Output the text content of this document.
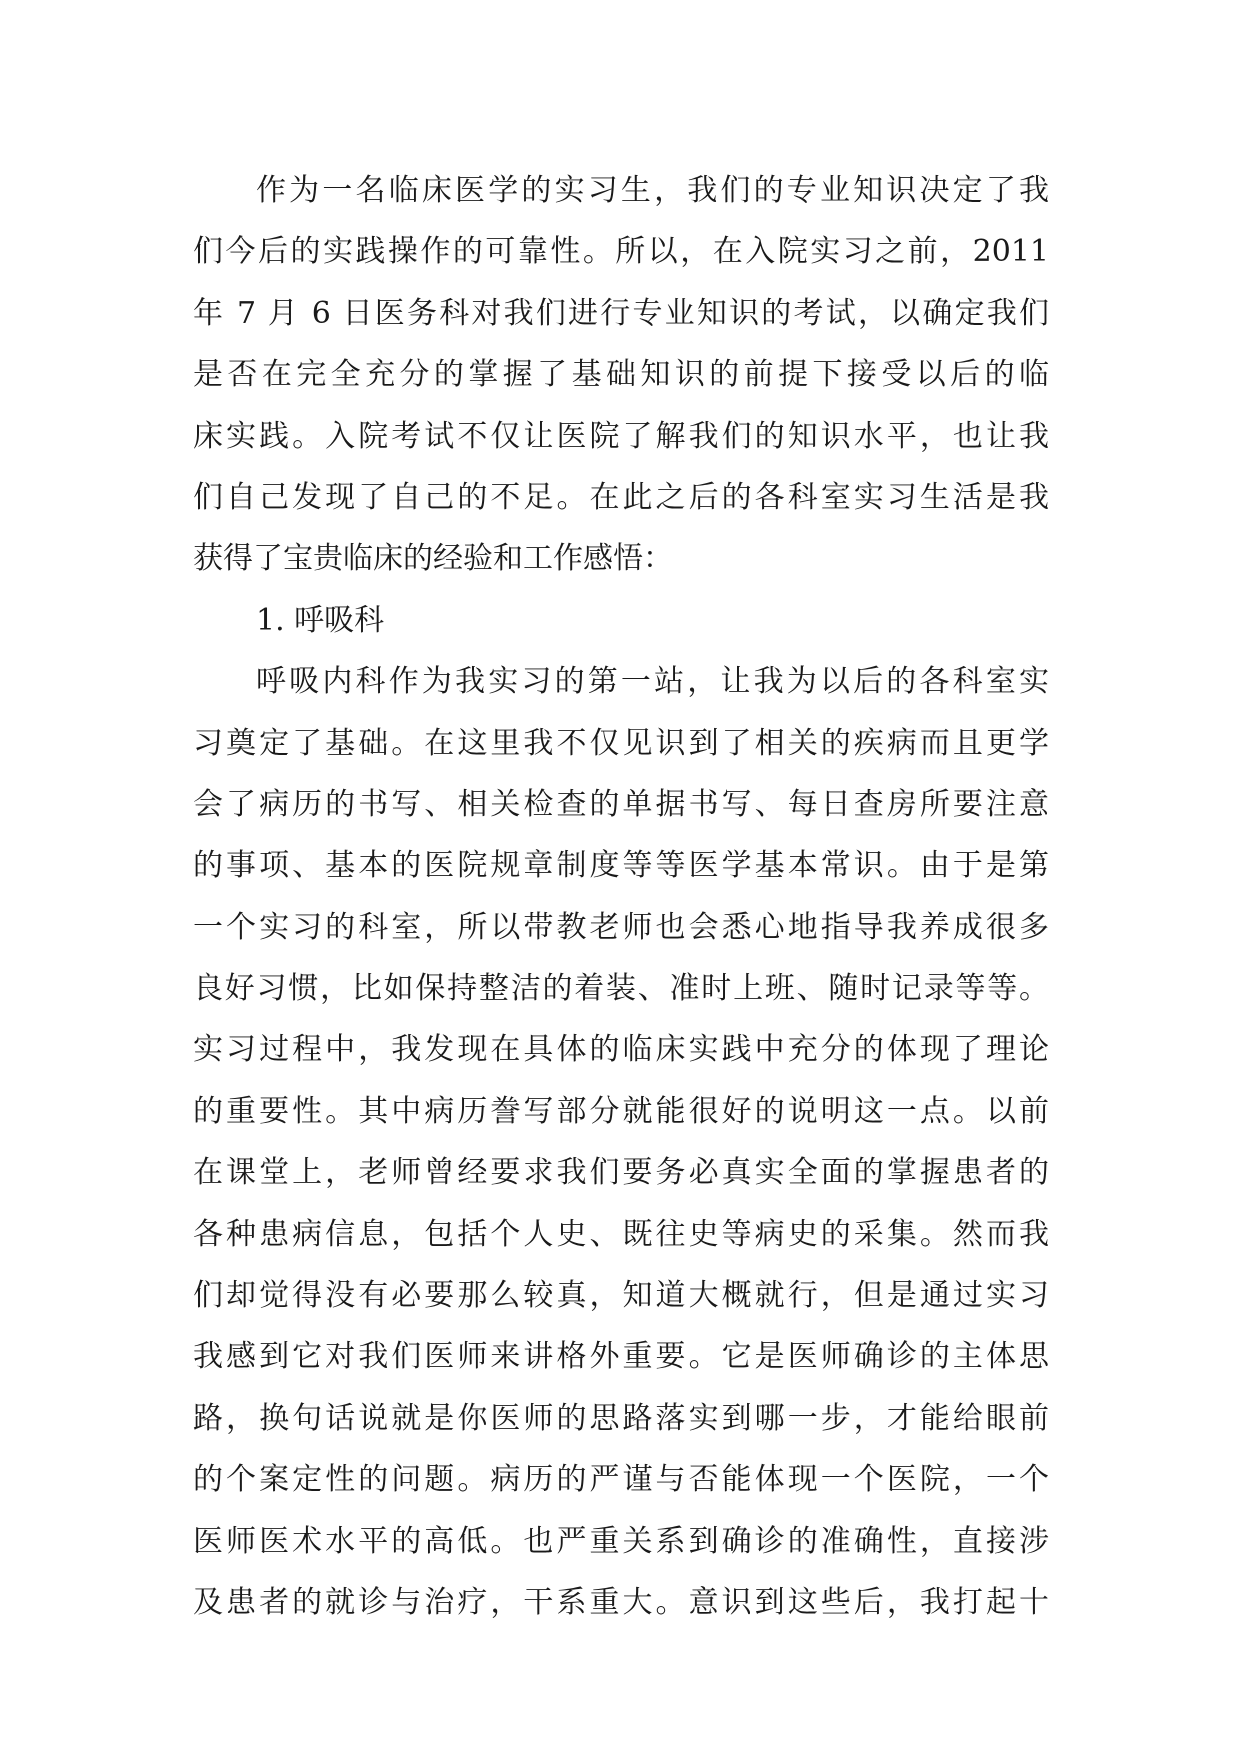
作为一名临床医学的实习生，我们的专业知识决定了我
们今后的实践操作的可靠性。所以，在入院实习之前，2011
年 7 月 6 日医务科对我们进行专业知识的考试，以确定我们
是否在完全充分的掌握了基础知识的前提下接受以后的临
床实践。入院考试不仅让医院了解我们的知识水平，也让我
们自己发现了自己的不足。在此之后的各科室实习生活是我
获得了宝贵临床的经验和工作感悟：
1. 呼吸科
呼吸内科作为我实习的第一站，让我为以后的各科室实
习奠定了基础。在这里我不仅见识到了相关的疾病而且更学
会了病历的书写、相关检查的单据书写、每日查房所要注意
的事项、基本的医院规章制度等等医学基本常识。由于是第
一个实习的科室，所以带教老师也会悉心地指导我养成很多
良好习惯，比如保持整洁的着装、准时上班、随时记录等等。
实习过程中，我发现在具体的临床实践中充分的体现了理论
的重要性。其中病历誊写部分就能很好的说明这一点。以前
在课堂上，老师曾经要求我们要务必真实全面的掌握患者的
各种患病信息，包括个人史、既往史等病史的采集。然而我
们却觉得没有必要那么较真，知道大概就行，但是通过实习
我感到它对我们医师来讲格外重要。它是医师确诊的主体思
路，换句话说就是你医师的思路落实到哪一步，才能给眼前
的个案定性的问题。病历的严谨与否能体现一个医院，一个
医师医术水平的高低。也严重关系到确诊的准确性，直接涉
及患者的就诊与治疗，干系重大。意识到这些后，我打起十
